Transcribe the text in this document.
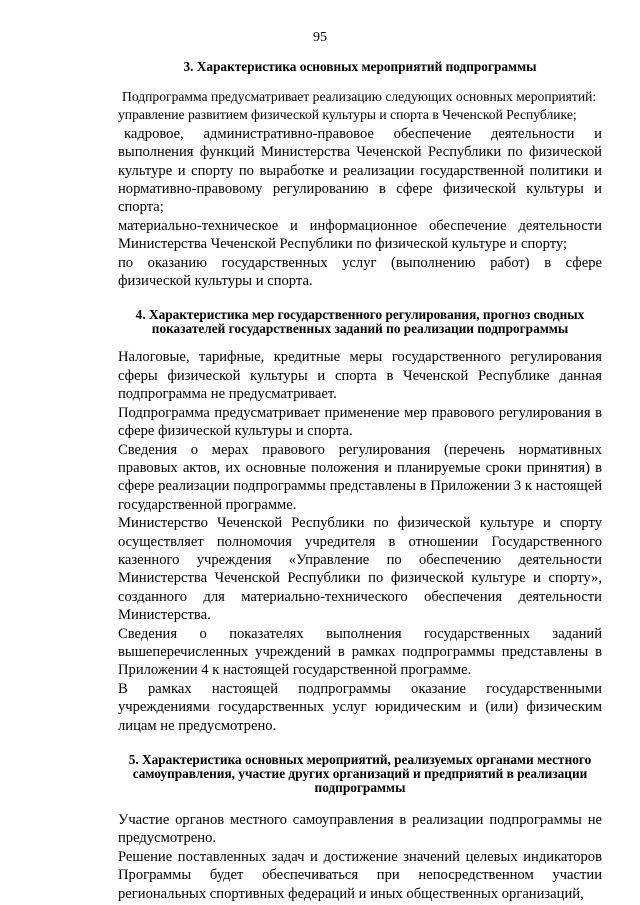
95
3. Характеристика основных мероприятий подпрограммы

Подпрограмма предусматривает реализацию следующих основных мероприятий:

управление развитием физической культуры и спорта в Чеченской Республике;

кадровое, административно-правовое обеспечение деятельности и выполнения функций Министерства Чеченской Республики по физической культуре и спорту по выработке и реализации государственной политики и нормативно-правовому регулированию в сфере физической культуры и спорта;

материально-техническое и информационное обеспечение деятельности Министерства Чеченской Республики по физической культуре и спорту;

по оказанию государственных услуг (выполнению работ) в сфере физической культуры и спорта.

4. Характеристика мер государственного регулирования, прогноз сводных показателей государственных заданий по реализации подпрограммы

Налоговые, тарифные, кредитные меры государственного регулирования сферы физической культуры и спорта в Чеченской Республике данная подпрограмма не предусматривает.

Подпрограмма предусматривает применение мер правового регулирования в сфере физической культуры и спорта.

Сведения о мерах правового регулирования (перечень нормативных правовых актов, их основные положения и планируемые сроки принятия) в сфере реализации подпрограммы представлены в Приложении 3 к настоящей государственной программе.

Министерство Чеченской Республики по физической культуре и спорту осуществляет полномочия учредителя в отношении Государственного казенного учреждения «Управление по обеспечению деятельности Министерства Чеченской Республики по физической культуре и спорту», созданного для материально-технического обеспечения деятельности Министерства.

Сведения о показателях выполнения государственных заданий вышеперечисленных учреждений в рамках подпрограммы представлены в Приложении 4 к настоящей государственной программе.

В рамках настоящей подпрограммы оказание государственными учреждениями государственных услуг юридическим и (или) физическим лицам не предусмотрено.

5. Характеристика основных мероприятий, реализуемых органами местного самоуправления, участие других организаций и предприятий в реализации подпрограммы

Участие органов местного самоуправления в реализации подпрограммы не предусмотрено.

Решение поставленных задач и достижение значений целевых индикаторов Программы будет обеспечиваться при непосредственном участии региональных спортивных федераций и иных общественных организаций,
